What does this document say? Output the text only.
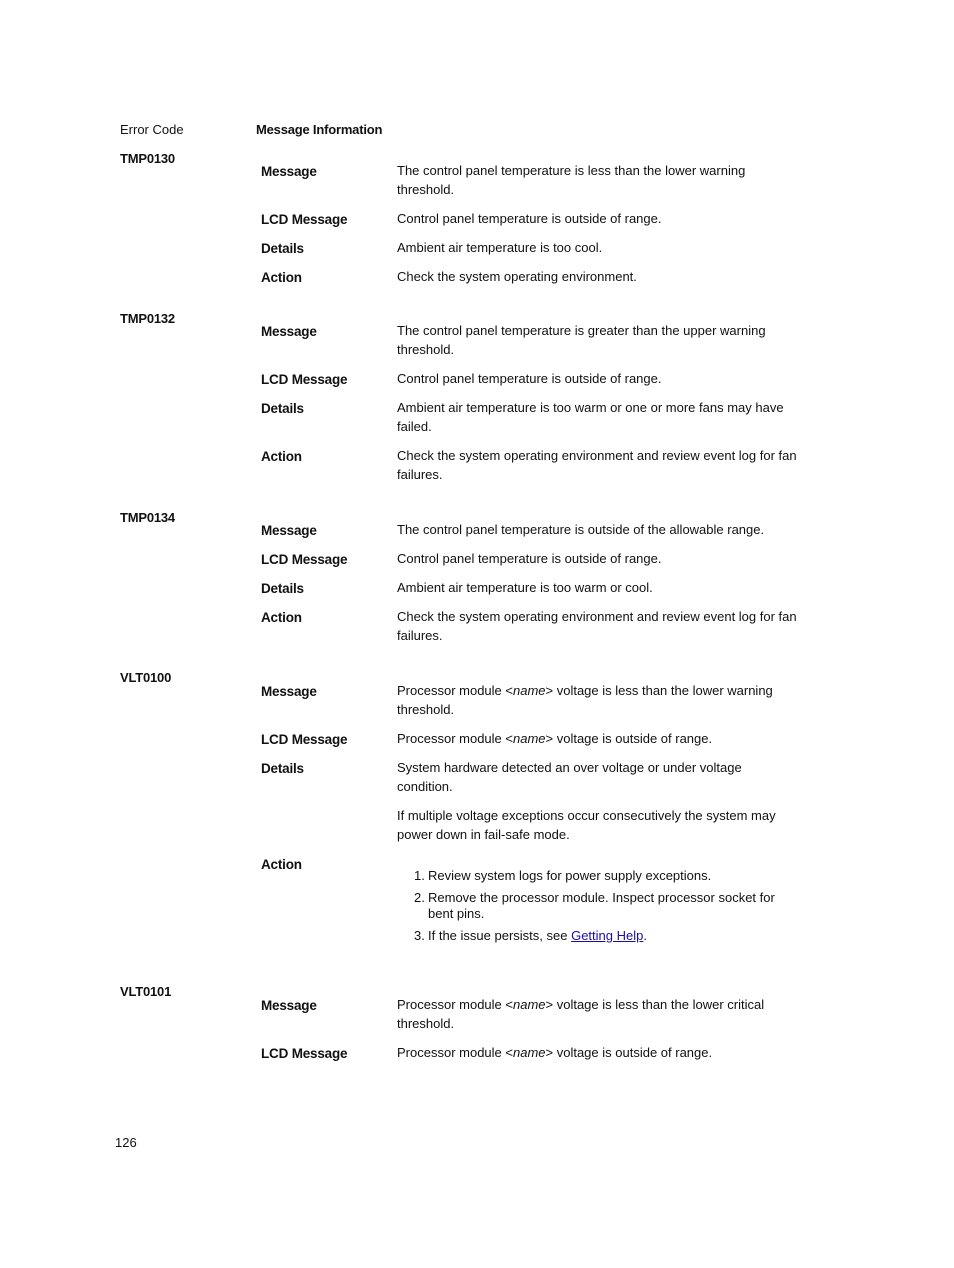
Error Code	Message Information
TMP0130
Message	The control panel temperature is less than the lower warning
threshold.
LCD Message	Control panel temperature is outside of range.
Details	Ambient air temperature is too cool.
Action	Check the system operating environment.
TMP0132
Message	The control panel temperature is greater than the upper warning
threshold.
LCD Message	Control panel temperature is outside of range.
Details	Ambient air temperature is too warm or one or more fans may have
failed.
Action	Check the system operating environment and review event log for fan
failures.
TMP0134
Message	The control panel temperature is outside of the allowable range.
LCD Message	Control panel temperature is outside of range.
Details	Ambient air temperature is too warm or cool.
Action	Check the system operating environment and review event log for fan
failures.
VLT0100
Message	Processor module <name> voltage is less than the lower warning
threshold.
LCD Message	Processor module <name> voltage is outside of range.
Details	System hardware detected an over voltage or under voltage
condition.
If multiple voltage exceptions occur consecutively the system may
power down in fail-safe mode.
Action
1. Review system logs for power supply exceptions.
2. Remove the processor module. Inspect processor socket for
bent pins.
3. If the issue persists, see Getting Help.
VLT0101
Message	Processor module <name> voltage is less than the lower critical
threshold.
LCD Message	Processor module <name> voltage is outside of range.
126
